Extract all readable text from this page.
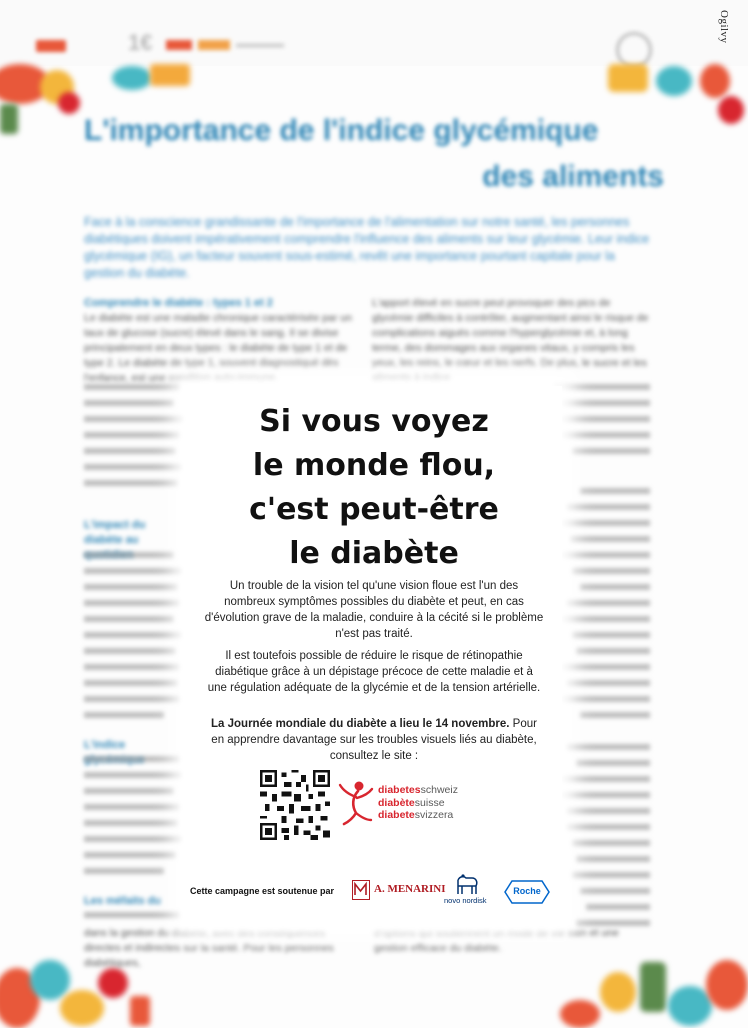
1€	Ogilvy
L'importance de l'indice glycémique
des aliments
Face à la conscience grandissante de l'importance de l'alimentation sur notre santé, les personnes diabétiques doivent impérativement comprendre l'influence des aliments sur leur glycémie. Leur indice glycémique (IG), un facteur souvent sous-estimé, revêt une importance pourtant capitale pour la gestion du diabète.
Comprendre le diabète : types 1 et 2
Le diabète est une maladie chronique caractérisée par un taux de glucose (sucre) élevé dans le sang. Il se divise principalement en deux types : le diabète de type 1 et de type 2. Le diabète de type 1, souvent diagnostiqué dès l'enfance, est une condition auto-immune.
L'apport élevé en sucre peut provoquer des pics de glycémie difficiles à contrôler, augmentant ainsi le risque de complications aiguës comme l'hyperglycémie et, à long terme, des dommages aux organes vitaux, y compris les yeux, les reins, le cœur et les nerfs. De plus, le sucre et les aliments à indice
L'impact du diabète au
L'indice
Les méfaits du
dans la gestion du diabète, avec des conséquences directes et indirectes sur la santé. Pour les personnes diabétiques,
d'options qui soutiennent un mode de vie sain et une gestion efficace du diabète.
Si vous voyez
le monde flou,
c'est peut-être
le diabète
Un trouble de la vision tel qu'une vision floue est l'un des nombreux symptômes possibles du diabète et peut, en cas d'évolution grave de la maladie, conduire à la cécité si le problème n'est pas traité.
Il est toutefois possible de réduire le risque de rétinopathie diabétique grâce à un dépistage précoce de cette maladie et à une régulation adéquate de la glycémie et de la tension artérielle.
La Journée mondiale du diabète a lieu le 14 novembre. Pour en apprendre davantage sur les troubles visuels liés au diabète, consultez le site :
diabetesschweiz
diabètesuisse
diabetesvizzera
Cette campagne est soutenue par	A. MENARINI
novo nordisk
Roche
